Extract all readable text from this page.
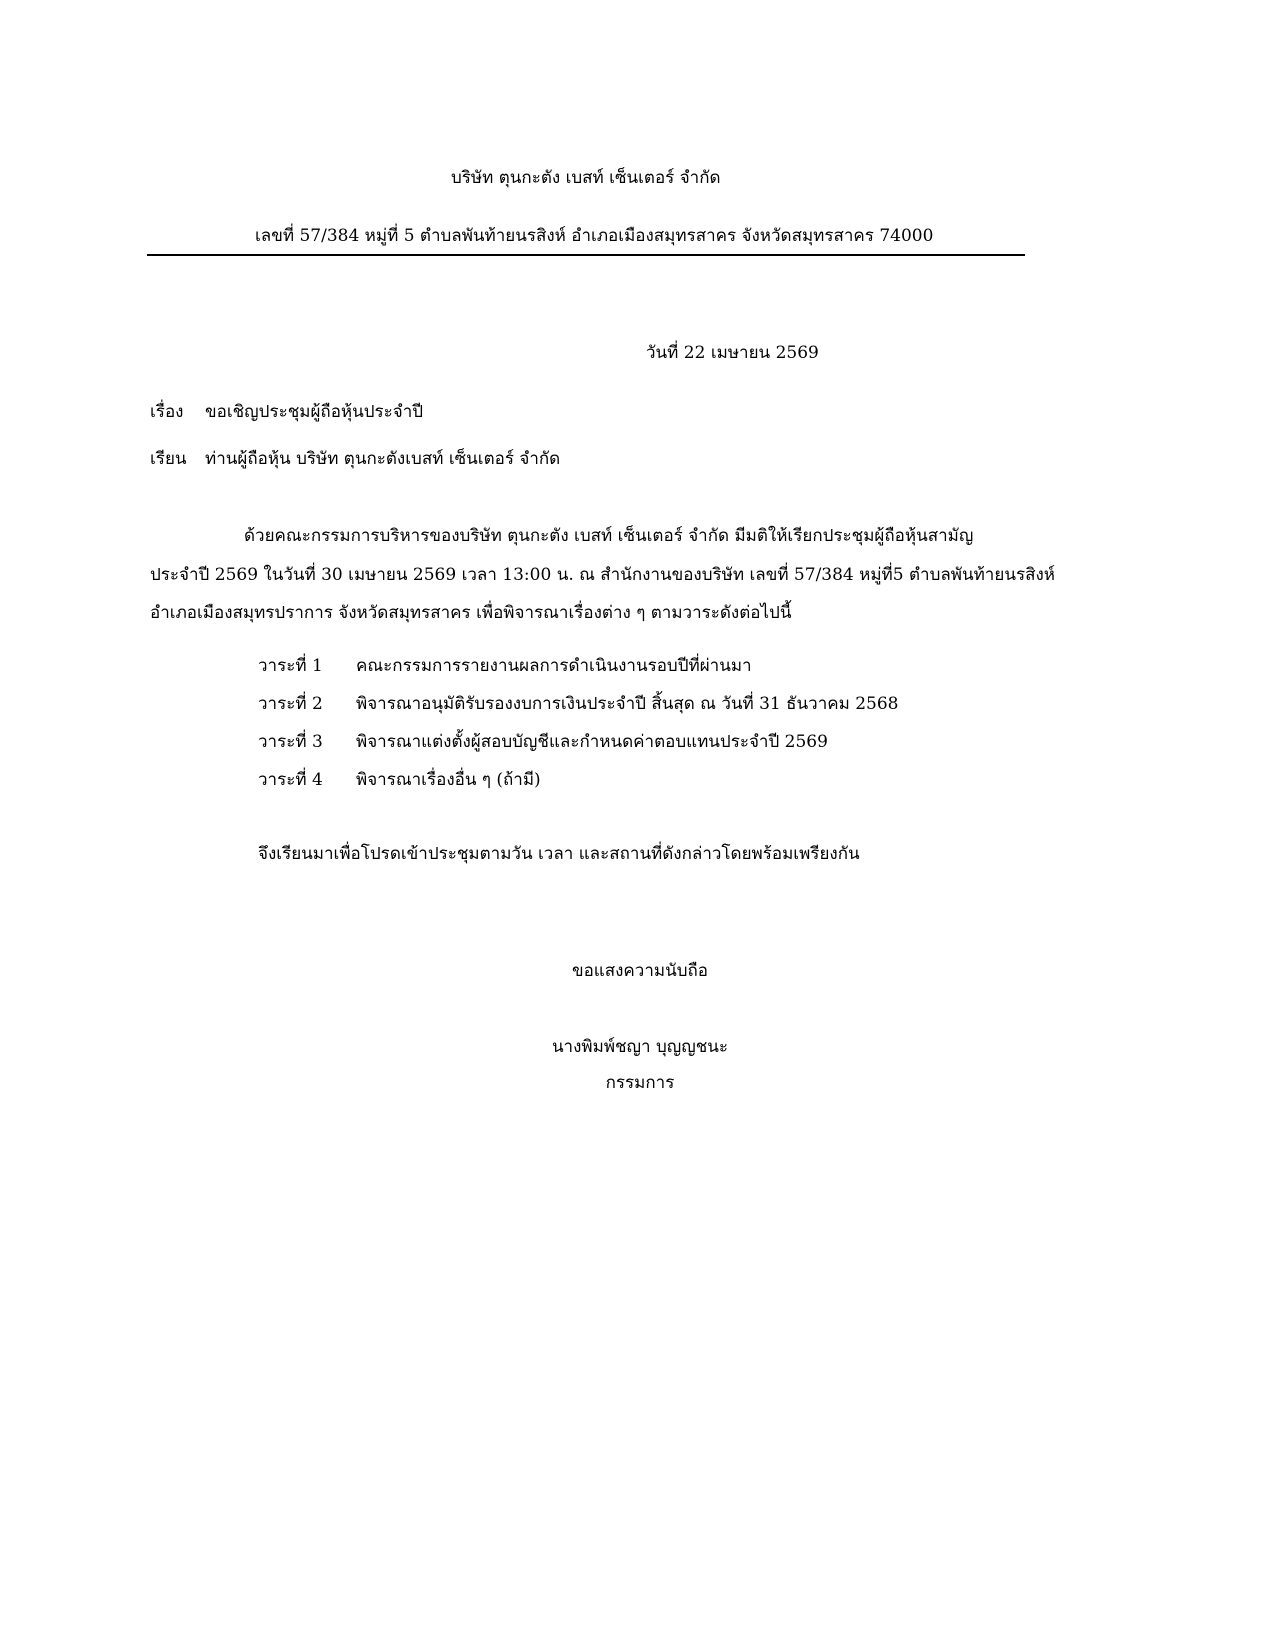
บริษัท ตุนกะตัง เบสท์ เซ็นเตอร์ จำกัด
เลขที่ 57/384 หมู่ที่ 5 ตำบลพันท้ายนรสิงห์ อำเภอเมืองสมุทรสาคร จังหวัดสมุทรสาคร 74000
วันที่ 22 เมษายน 2569
เรื่อง ขอเชิญประชุมผู้ถือหุ้นประจำปี
เรียน ท่านผู้ถือหุ้น บริษัท ตุนกะตังเบสท์ เซ็นเตอร์ จำกัด
ด้วยคณะกรรมการบริหารของบริษัท ตุนกะตัง เบสท์ เซ็นเตอร์ จำกัด มีมติให้เรียกประชุมผู้ถือหุ้นสามัญ
ประจำปี 2569 ในวันที่ 30 เมษายน 2569 เวลา 13:00 น. ณ สำนักงานของบริษัท เลขที่ 57/384 หมู่ที่5 ตำบลพันท้ายนรสิงห์
อำเภอเมืองสมุทรปราการ จังหวัดสมุทรสาคร เพื่อพิจารณาเรื่องต่าง ๆ ตามวาระดังต่อไปนี้
วาระที่ 1 คณะกรรมการรายงานผลการดำเนินงานรอบปีที่ผ่านมา
วาระที่ 2 พิจารณาอนุมัติรับรองงบการเงินประจำปี สิ้นสุด ณ วันที่ 31 ธันวาคม 2568
วาระที่ 3 พิจารณาแต่งตั้งผู้สอบบัญชีและกำหนดค่าตอบแทนประจำปี 2569
วาระที่ 4 พิจารณาเรื่องอื่น ๆ (ถ้ามี)
จึงเรียนมาเพื่อโปรดเข้าประชุมตามวัน เวลา และสถานที่ดังกล่าวโดยพร้อมเพรียงกัน
ขอแสงความนับถือ
นางพิมพ์ชญา บุญญชนะ
กรรมการ
